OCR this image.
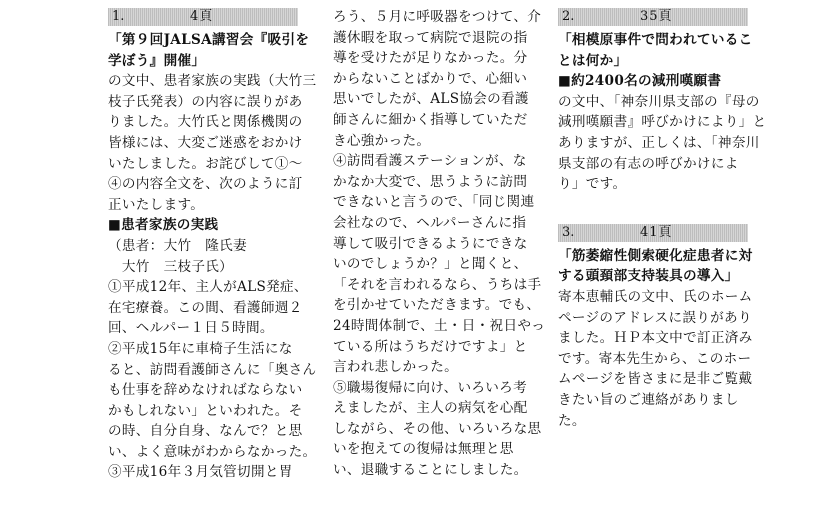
1.	4頁
「第９回JALSA講習会『吸引を
学ぼう』開催」
の文中、患者家族の実践（大竹三
枝子氏発表）の内容に誤りがあ
りました。大竹氏と関係機関の
皆様には、大変ご迷惑をおかけ
いたしました。お詫びして①〜
④の内容全文を、次のように訂
正いたします。
■患者家族の実践
（患者：大竹　隆氏妻
　大竹　三枝子氏）
①平成12年、主人がALS発症、
在宅療養。この間、看護師週２
回、ヘルパー１日５時間。
②平成15年に車椅子生活にな
ると、訪問看護師さんに「奥さん
も仕事を辞めなければならない
かもしれない」といわれた。そ
の時、自分自身、なんで？と思
い、よく意味がわからなかった。
③平成16年３月気管切開と胃
ろう、５月に呼吸器をつけて、介
護休暇を取って病院で退院の指
導を受けたが足りなかった。分
からないことばかりで、心細い
思いでしたが、ALS協会の看護
師さんに細かく指導していただ
き心強かった。
④訪問看護ステーションが、な
かなか大変で、思うように訪問
できないと言うので、「同じ関連
会社なので、ヘルパーさんに指
導して吸引できるようにできな
いのでしょうか？」と聞くと、
「それを言われるなら、うちは手
を引かせていただきます。でも、
24時間体制で、土・日・祝日やっ
ている所はうちだけですよ」と
言われ悲しかった。
⑤職場復帰に向け、いろいろ考
えましたが、主人の病気を心配
しながら、その他、いろいろな思
いを抱えての復帰は無理と思
い、退職することにしました。
2.	35頁
「相模原事件で問われているこ
とは何か」
■約2400名の減刑嘆願書
の文中、「神奈川県支部の『母の
減刑嘆願書』呼びかけにより」と
ありますが、正しくは、「神奈川
県支部の有志の呼びかけによ
り」です。
3.	41頁
「筋萎縮性側索硬化症患者に対
する頭頚部支持装具の導入」
寄本恵輔氏の文中、氏のホーム
ページのアドレスに誤りがあり
ました。ＨＰ本文中で訂正済み
です。寄本先生から、このホー
ムページを皆さまに是非ご覧戴
きたい旨のご連絡がありまし
た。
